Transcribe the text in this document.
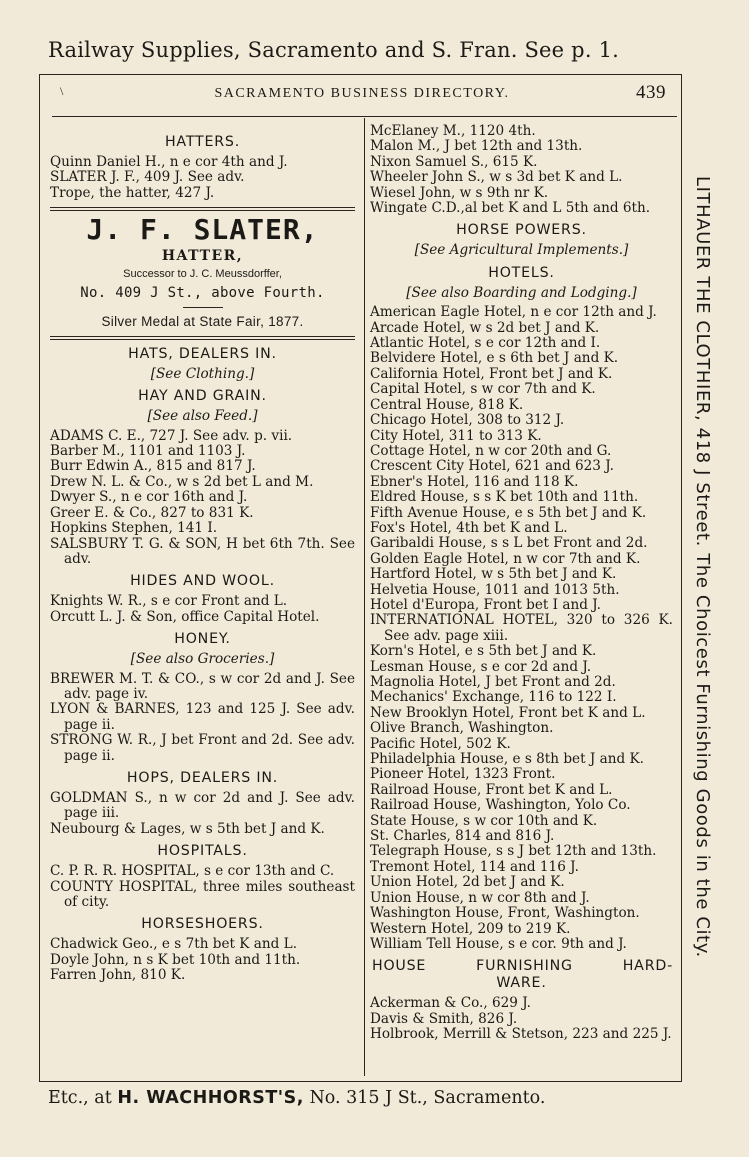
Railway Supplies, Sacramento and S. Fran. See p. 1.
\	SACRAMENTO BUSINESS DIRECTORY.	439
HATTERS.
Quinn Daniel H., n e cor 4th and J.
SLATER J. F., 409 J. See adv.
Trope, the hatter, 427 J.
J. F. SLATER,
HATTER,
Successor to J. C. Meussdorffer,
No. 409 J St., above Fourth.
Silver Medal at State Fair, 1877.
HATS, DEALERS IN.
[See Clothing.]
HAY AND GRAIN.
[See also Feed.]
ADAMS C. E., 727 J. See adv. p. vii.
Barber M., 1101 and 1103 J.
Burr Edwin A., 815 and 817 J.
Drew N. L. & Co., w s 2d bet L and M.
Dwyer S., n e cor 16th and J.
Greer E. & Co., 827 to 831 K.
Hopkins Stephen, 141 I.
SALSBURY T. G. & SON, H bet 6th 7th. See adv.
HIDES AND WOOL.
Knights W. R., s e cor Front and L.
Orcutt L. J. & Son, office Capital Hotel.
HONEY.
[See also Groceries.]
BREWER M. T. & CO., s w cor 2d and J. See adv. page iv.
LYON & BARNES, 123 and 125 J. See adv. page ii.
STRONG W. R., J bet Front and 2d. See adv. page ii.
HOPS, DEALERS IN.
GOLDMAN S., n w cor 2d and J. See adv. page iii.
Neubourg & Lages, w s 5th bet J and K.
HOSPITALS.
C. P. R. R. HOSPITAL, s e cor 13th and C.
COUNTY HOSPITAL, three miles southeast of city.
HORSESHOERS.
Chadwick Geo., e s 7th bet K and L.
Doyle John, n s K bet 10th and 11th.
Farren John, 810 K.
McElaney M., 1120 4th.
Malon M., J bet 12th and 13th.
Nixon Samuel S., 615 K.
Wheeler John S., w s 3d bet K and L.
Wiesel John, w s 9th nr K.
Wingate C.D.,al bet K and L 5th and 6th.
HORSE POWERS.
[See Agricultural Implements.]
HOTELS.
[See also Boarding and Lodging.]
American Eagle Hotel, n e cor 12th and J.
Arcade Hotel, w s 2d bet J and K.
Atlantic Hotel, s e cor 12th and I.
Belvidere Hotel, e s 6th bet J and K.
California Hotel, Front bet J and K.
Capital Hotel, s w cor 7th and K.
Central House, 818 K.
Chicago Hotel, 308 to 312 J.
City Hotel, 311 to 313 K.
Cottage Hotel, n w cor 20th and G.
Crescent City Hotel, 621 and 623 J.
Ebner's Hotel, 116 and 118 K.
Eldred House, s s K bet 10th and 11th.
Fifth Avenue House, e s 5th bet J and K.
Fox's Hotel, 4th bet K and L.
Garibaldi House, s s L bet Front and 2d.
Golden Eagle Hotel, n w cor 7th and K.
Hartford Hotel, w s 5th bet J and K.
Helvetia House, 1011 and 1013 5th.
Hotel d'Europa, Front bet I and J.
INTERNATIONAL HOTEL, 320 to 326 K. See adv. page xiii.
Korn's Hotel, e s 5th bet J and K.
Lesman House, s e cor 2d and J.
Magnolia Hotel, J bet Front and 2d.
Mechanics' Exchange, 116 to 122 I.
New Brooklyn Hotel, Front bet K and L.
Olive Branch, Washington.
Pacific Hotel, 502 K.
Philadelphia House, e s 8th bet J and K.
Pioneer Hotel, 1323 Front.
Railroad House, Front bet K and L.
Railroad House, Washington, Yolo Co.
State House, s w cor 10th and K.
St. Charles, 814 and 816 J.
Telegraph House, s s J bet 12th and 13th.
Tremont Hotel, 114 and 116 J.
Union Hotel, 2d bet J and K.
Union House, n w cor 8th and J.
Washington House, Front, Washington.
Western Hotel, 209 to 219 K.
William Tell House, s e cor. 9th and J.
HOUSE	FURNISHING	HARD-
WARE.
Ackerman & Co., 629 J.
Davis & Smith, 826 J.
Holbrook, Merrill & Stetson, 223 and 225 J.
LITHAUER THE CLOTHIER, 418 J Street. The Choicest Furnishing Goods in the City.
Etc., at H. WACHHORST'S, No. 315 J St., Sacramento.
